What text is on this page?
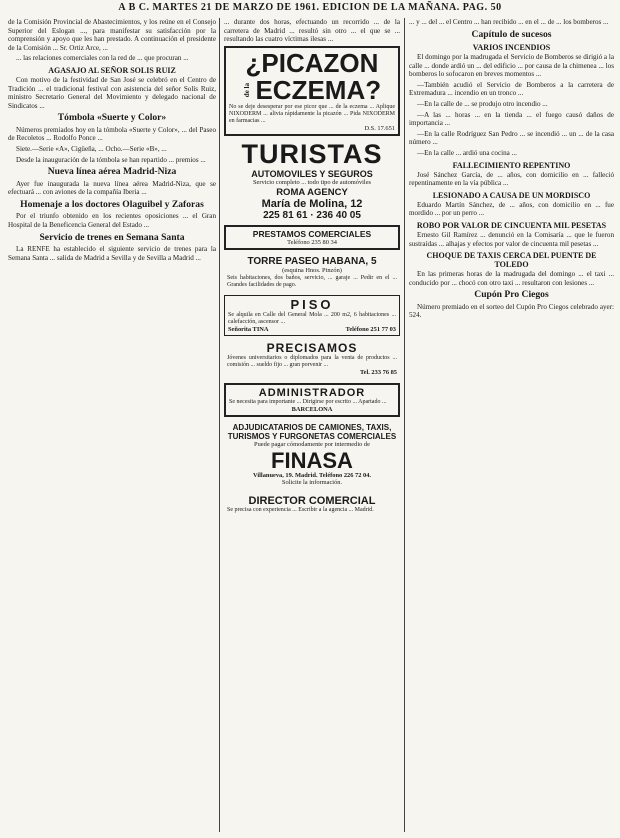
A B C. MARTES 21 DE MARZO DE 1961. EDICION DE LA MAÑANA. PAG. 50

de la Comisión Provincial de Abastecimientos, y los reúne en el Consejo Superior del Eslogan ..., para manifestar su satisfacción por la comprensión y apoyo que les han prestado. A continuación el presidente de la Comisión ... Sr. Ortiz Arce, ...

... las relaciones comerciales con la red de ... que procuran ...

AGASAJO AL SEÑOR SOLIS RUIZ

Con motivo de la festividad de San José se celebró en el Centro de Tradición ... el tradicional festival con asistencia del señor Solís Ruiz, ministro Secretario General del Movimiento y delegado nacional de Sindicatos ...

Tómbola «Suerte y Color»

Números premiados hoy en la tómbola «Suerte y Color», ... del Paseo de Recoletos ... Rodolfo Ponce ...

Siete.—Serie «A», Cigüeña, ... Ocho.—Serie «B», ...

Desde la inauguración de la tómbola se han repartido ... premios ...

Nueva línea aérea Madrid-Niza

Ayer fue inaugurada la nueva línea aérea Madrid-Niza, que se efectuará ... con aviones de la compañía Iberia ...

Homenaje a los doctores Olaguibel y Zaforas

Por el triunfo obtenido en los recientes oposiciones ... el Gran Hospital de la Beneficencia General del Estado ...

Servicio de trenes en Semana Santa

La RENFE ha establecido el siguiente servicio de trenes para la Semana Santa ... salida de Madrid a Sevilla y de Sevilla a Madrid ...

... durante dos horas, efectuando un recorrido ... de la carretera de Madrid ... resultó sin otro ... el que se ... resultando las cuatro víctimas ilesas ...

¿PICAZON
de la ECZEMA?
No se deje desesperar por ese picor que ... de la eczema ... Aplique NIXODERM ... alivia rápidamente la picazón ... Pida NIXODERM en farmacias ...
D.S. 17.651
TURISTAS
AUTOMOVILES Y SEGUROS
Servicio completo ... todo tipo de automóviles
ROMA AGENCY
María de Molina, 12
225 81 61 · 236 40 05
PRESTAMOS COMERCIALES
Teléfono 235 80 34
TORRE PASEO HABANA, 5
(esquina Hnos. Pinzón)
Seis habitaciones, dos baños, servicio, ... garaje ... Pedir en el ... Grandes facilidades de pago.
PISO
Se alquila en Calle del General Mola ... 200 m2, 6 habitaciones ... calefacción, ascensor ...
Señorita TINA	Teléfono 251 77 03
PRECISAMOS
Jóvenes universitarios o diplomados para la venta de productos ... comisión ... sueldo fijo ... gran porvenir ...
Tel. 233 76 85
ADMINISTRADOR
Se necesita para importante ... Dirigirse por escrito ... Apartado ...
BARCELONA
ADJUDICATARIOS DE CAMIONES, TAXIS, TURISMOS Y FURGONETAS COMERCIALES
Puede pagar cómodamente por intermedio de
FINASA
Villanueva, 19. Madrid. Teléfono 226 72 04.
Solicite la información.
DIRECTOR COMERCIAL
Se precisa con experiencia ... Escribir a la agencia ... Madrid.

... y ... del ... el Centro ... han recibido ... en el ... de ... los bomberos ...

Capítulo de sucesos
VARIOS INCENDIOS

El domingo por la madrugada el Servicio de Bomberos se dirigió a la calle ... donde ardió un ... del edificio ... por causa de la chimenea ... los bomberos lo sofocaron en breves momentos ...

—También acudió el Servicio de Bomberos a la carretera de Extremadura ... incendio en un tronco ...

—En la calle de ... se produjo otro incendio ...

—A las ... horas ... en la tienda ... el fuego causó daños de importancia ...

—En la calle Rodríguez San Pedro ... se incendió ... un ... de la casa número ...

—En la calle ... ardió una cocina ...

FALLECIMIENTO REPENTINO

José Sánchez García, de ... años, con domicilio en ... falleció repentinamente en la vía pública ...

LESIONADO A CAUSA DE UN MORDISCO

Eduardo Martín Sánchez, de ... años, con domicilio en ... fue mordido ... por un perro ...

ROBO POR VALOR DE CINCUENTA MIL PESETAS

Ernesto Gil Ramírez ... denunció en la Comisaría ... que le fueron sustraídas ... alhajas y efectos por valor de cincuenta mil pesetas ...

CHOQUE DE TAXIS CERCA DEL PUENTE DE TOLEDO

En las primeras horas de la madrugada del domingo ... el taxi ... conducido por ... chocó con otro taxi ... resultaron con lesiones ...

Cupón Pro Ciegos

Número premiado en el sorteo del Cupón Pro Ciegos celebrado ayer: 524.
